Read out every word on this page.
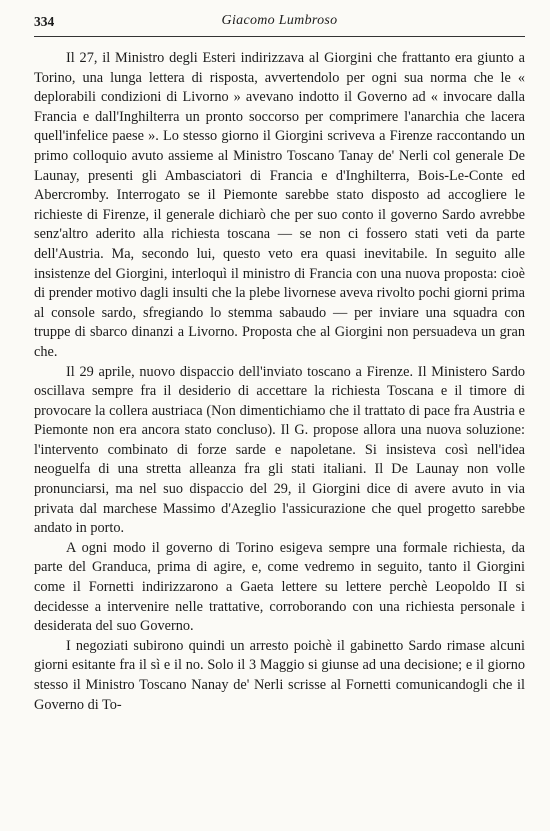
334	Giacomo Lumbroso

Il 27, il Ministro degli Esteri indirizzava al Giorgini che frattanto era giunto a Torino, una lunga lettera di risposta, avvertendolo per ogni sua norma che le « deplorabili condizioni di Livorno » avevano indotto il Governo ad « invocare dalla Francia e dall'Inghilterra un pronto soccorso per comprimere l'anarchia che lacera quell'infelice paese ». Lo stesso giorno il Giorgini scriveva a Firenze raccontando un primo colloquio avuto assieme al Ministro Toscano Tanay de' Nerli col generale De Launay, presenti gli Ambasciatori di Francia e d'Inghilterra, Bois-Le-Conte ed Abercromby. Interrogato se il Piemonte sarebbe stato disposto ad accogliere le richieste di Firenze, il generale dichiarò che per suo conto il governo Sardo avrebbe senz'altro aderito alla richiesta toscana — se non ci fossero stati veti da parte dell'Austria. Ma, secondo lui, questo veto era quasi inevitabile. In seguito alle insistenze del Giorgini, interloquì il ministro di Francia con una nuova proposta: cioè di prender motivo dagli insulti che la plebe livornese aveva rivolto pochi giorni prima al console sardo, sfregiando lo stemma sabaudo — per inviare una squadra con truppe di sbarco dinanzi a Livorno. Proposta che al Giorgini non persuadeva un gran che.

Il 29 aprile, nuovo dispaccio dell'inviato toscano a Firenze. Il Ministero Sardo oscillava sempre fra il desiderio di accettare la richiesta Toscana e il timore di provocare la collera austriaca (Non dimentichiamo che il trattato di pace fra Austria e Piemonte non era ancora stato concluso). Il G. propose allora una nuova soluzione: l'intervento combinato di forze sarde e napoletane. Si insisteva così nell'idea neoguelfa di una stretta alleanza fra gli stati italiani. Il De Launay non volle pronunciarsi, ma nel suo dispaccio del 29, il Giorgini dice di avere avuto in via privata dal marchese Massimo d'Azeglio l'assicurazione che quel progetto sarebbe andato in porto.

A ogni modo il governo di Torino esigeva sempre una formale richiesta, da parte del Granduca, prima di agire, e, come vedremo in seguito, tanto il Giorgini come il Fornetti indirizzarono a Gaeta lettere su lettere perchè Leopoldo II si decidesse a intervenire nelle trattative, corroborando con una richiesta personale i desiderata del suo Governo.

I negoziati subirono quindi un arresto poichè il gabinetto Sardo rimase alcuni giorni esitante fra il sì e il no. Solo il 3 Maggio si giunse ad una decisione; e il giorno stesso il Ministro Toscano Nanay de' Nerli scrisse al Fornetti comunicandogli che il Governo di To-
